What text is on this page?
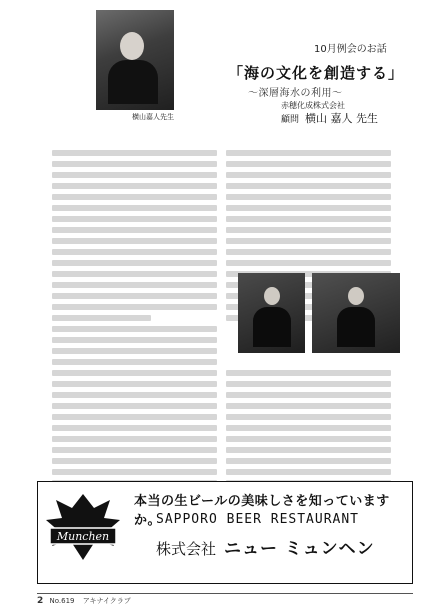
横山嘉人先生
10月例会のお話
「海の文化を創造する」
～深層海水の利用～
赤穂化成株式会社
顧問 横山 嘉人 先生
Munchen
本当の生ビールの美味しさを知っていますか。
SAPPORO BEER RESTAURANT
株式会社 ニュー ミュンヘン
2 No.619 アキナイクラブ
